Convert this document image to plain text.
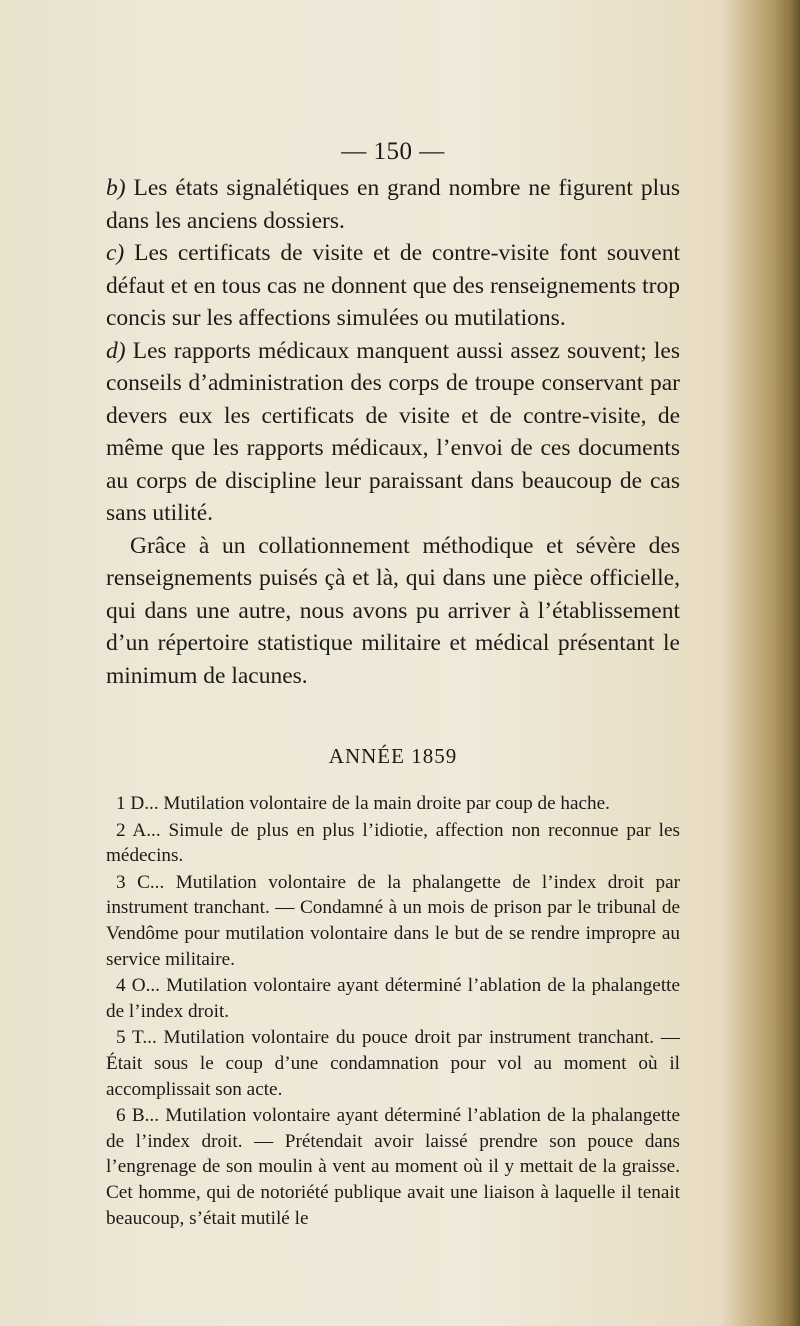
— 150 —

b) Les états signalétiques en grand nombre ne figurent plus dans les anciens dossiers.

c) Les certificats de visite et de contre-visite font souvent défaut et en tous cas ne donnent que des renseignements trop concis sur les affections simulées ou mutilations.

d) Les rapports médicaux manquent aussi assez souvent; les conseils d’administration des corps de troupe conservant par devers eux les certificats de visite et de contre-visite, de même que les rapports médicaux, l’envoi de ces documents au corps de discipline leur paraissant dans beaucoup de cas sans utilité.

Grâce à un collationnement méthodique et sévère des renseignements puisés çà et là, qui dans une pièce officielle, qui dans une autre, nous avons pu arriver à l’établissement d’un répertoire statistique militaire et médical présentant le minimum de lacunes.

ANNÉE 1859
1 D... Mutilation volontaire de la main droite par coup de hache.
2 A... Simule de plus en plus l’idiotie, affection non reconnue par les médecins.
3 C... Mutilation volontaire de la phalangette de l’index droit par instrument tranchant. — Condamné à un mois de prison par le tribunal de Vendôme pour mutilation volontaire dans le but de se rendre impropre au service militaire.
4 O... Mutilation volontaire ayant déterminé l’ablation de la phalangette de l’index droit.
5 T... Mutilation volontaire du pouce droit par instrument tranchant. — Était sous le coup d’une condamnation pour vol au moment où il accomplissait son acte.
6 B... Mutilation volontaire ayant déterminé l’ablation de la phalangette de l’index droit. — Prétendait avoir laissé prendre son pouce dans l’engrenage de son moulin à vent au moment où il y mettait de la graisse. Cet homme, qui de notoriété publique avait une liaison à laquelle il tenait beaucoup, s’était mutilé le
